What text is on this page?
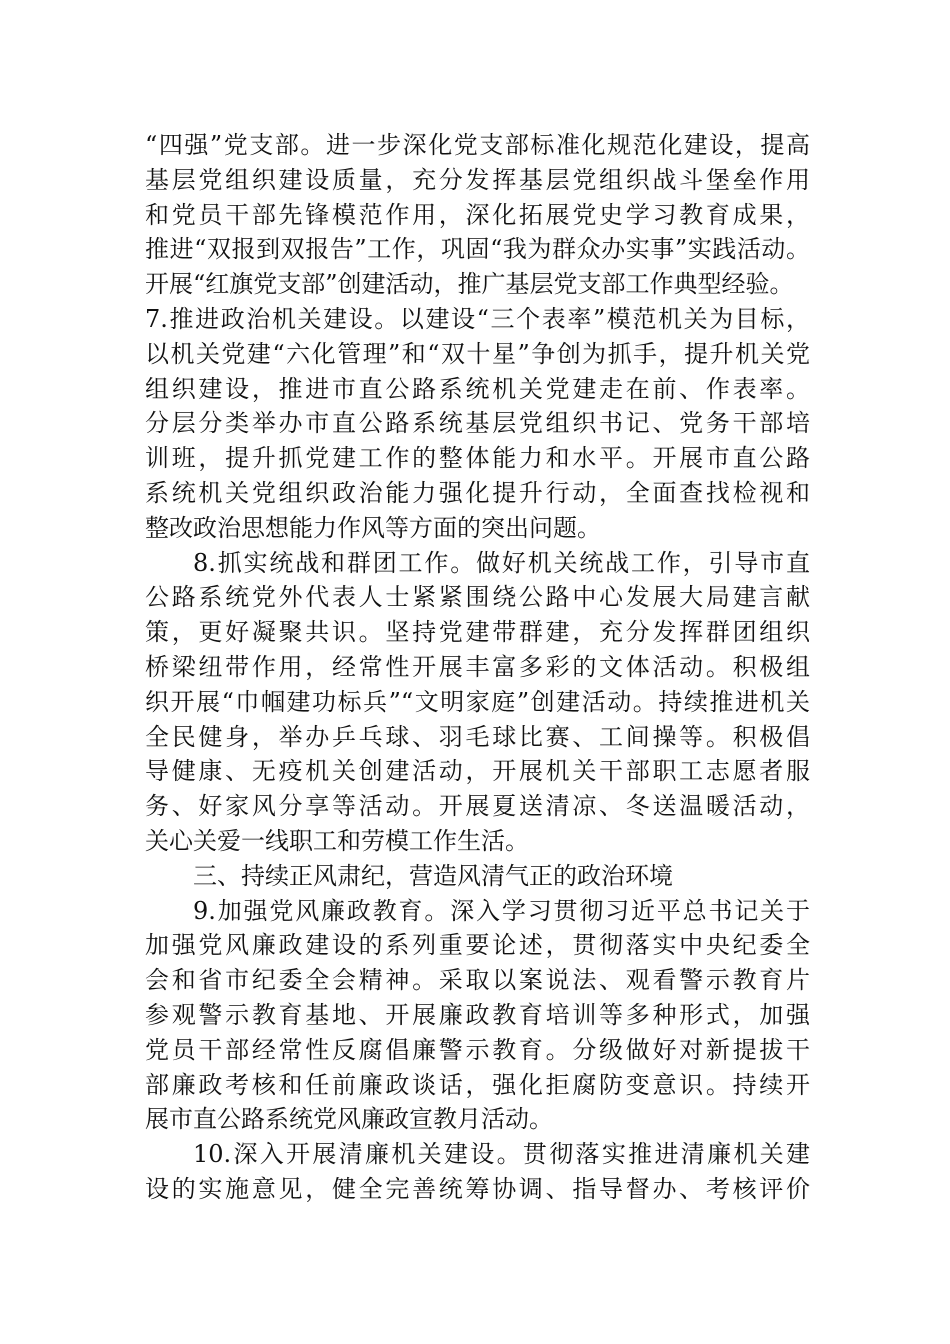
“四强”党支部。进一步深化党支部标准化规范化建设，提高
基层党组织建设质量，充分发挥基层党组织战斗堡垒作用
和党员干部先锋模范作用，深化拓展党史学习教育成果，
推进“双报到双报告”工作，巩固“我为群众办实事”实践活动。
开展“红旗党支部”创建活动，推广基层党支部工作典型经验。

7.推进政治机关建设。以建设“三个表率”模范机关为目标，
以机关党建“六化管理”和“双十星”争创为抓手，提升机关党
组织建设，推进市直公路系统机关党建走在前、作表率。
分层分类举办市直公路系统基层党组织书记、党务干部培
训班，提升抓党建工作的整体能力和水平。开展市直公路
系统机关党组织政治能力强化提升行动，全面查找检视和
整改政治思想能力作风等方面的突出问题。

8.抓实统战和群团工作。做好机关统战工作，引导市直
公路系统党外代表人士紧紧围绕公路中心发展大局建言献
策，更好凝聚共识。坚持党建带群建，充分发挥群团组织
桥梁纽带作用，经常性开展丰富多彩的文体活动。积极组
织开展“巾帼建功标兵”“文明家庭”创建活动。持续推进机关
全民健身，举办乒乓球、羽毛球比赛、工间操等。积极倡
导健康、无疫机关创建活动，开展机关干部职工志愿者服
务、好家风分享等活动。开展夏送清凉、冬送温暖活动，
关心关爱一线职工和劳模工作生活。

三、持续正风肃纪，营造风清气正的政治环境

9.加强党风廉政教育。深入学习贯彻习近平总书记关于
加强党风廉政建设的系列重要论述，贯彻落实中央纪委全
会和省市纪委全会精神。采取以案说法、观看警示教育片
参观警示教育基地、开展廉政教育培训等多种形式，加强
党员干部经常性反腐倡廉警示教育。分级做好对新提拔干
部廉政考核和任前廉政谈话，强化拒腐防变意识。持续开
展市直公路系统党风廉政宣教月活动。

10.深入开展清廉机关建设。贯彻落实推进清廉机关建
设的实施意见，健全完善统筹协调、指导督办、考核评价
